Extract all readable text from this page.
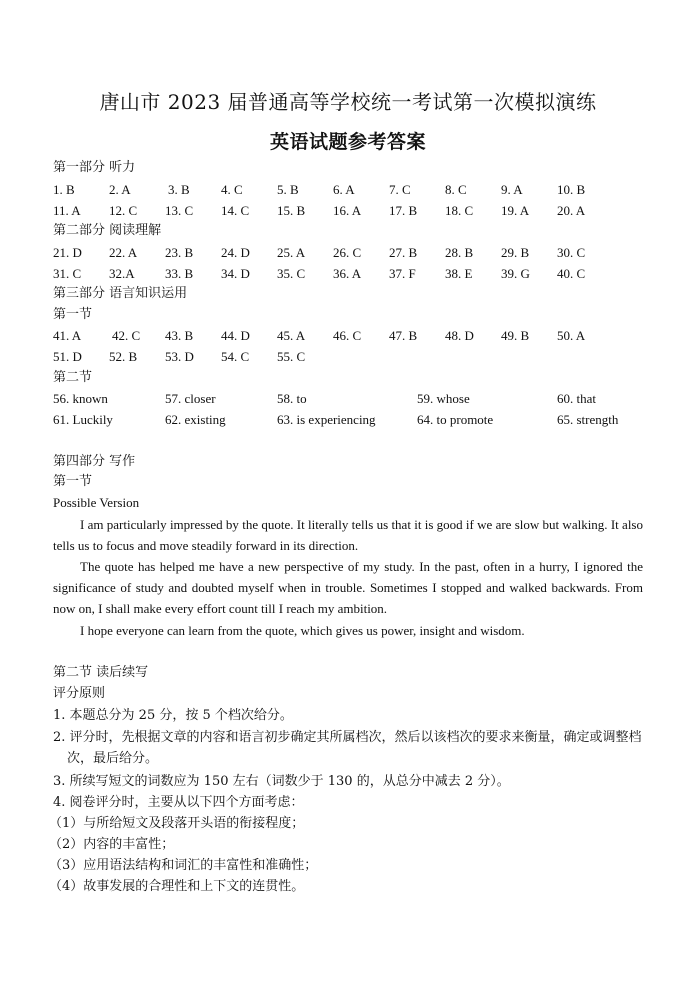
唐山市 2023 届普通高等学校统一考试第一次模拟演练
英语试题参考答案
第一部分 听力
1. B	2. A	3. B 4. C	5. B	6. A	7. C	8. C	9. A	10. B
11. A 12. C 13. C 14. C 15. B 16. A 17. B 18. C 19. A 20. A
第二部分 阅读理解
21. D 22. A 23. B 24. D 25. A 26. C 27. B 28. B 29. B 30. C
31. C 32.A 33. B 34. D 35. C 36. A 37. F 38. E 39. G 40. C
第三部分 语言知识运用
第一节
41. A 42. C 43. B 44. D 45. A 46. C 47. B 48. D 49. B 50. A
51. D 52. B 53. D 54. C 55. C
第二节
56. known	57. closer	58. to	59. whose	60. that
61. Luckily	62. existing	63. is experiencing	64. to promote	65. strength
第四部分 写作
第一节
Possible Version
I am particularly impressed by the quote. It literally tells us that it is good if we are slow but walking. It also tells us to focus and move steadily forward in its direction.
The quote has helped me have a new perspective of my study. In the past, often in a hurry, I ignored the significance of study and doubted myself when in trouble. Sometimes I stopped and walked backwards. From now on, I shall make every effort count till I reach my ambition.
I hope everyone can learn from the quote, which gives us power, insight and wisdom.
第二节 读后续写
评分原则
1. 本题总分为 25 分，按 5 个档次给分。
2. 评分时，先根据文章的内容和语言初步确定其所属档次，然后以该档次的要求来衡量，确定或调整档次，最后给分。
3. 所续写短文的词数应为 150 左右（词数少于 130 的，从总分中减去 2 分）。
4. 阅卷评分时，主要从以下四个方面考虑：
（1）与所给短文及段落开头语的衔接程度；
（2）内容的丰富性；
（3）应用语法结构和词汇的丰富性和准确性；
（4）故事发展的合理性和上下文的连贯性。
